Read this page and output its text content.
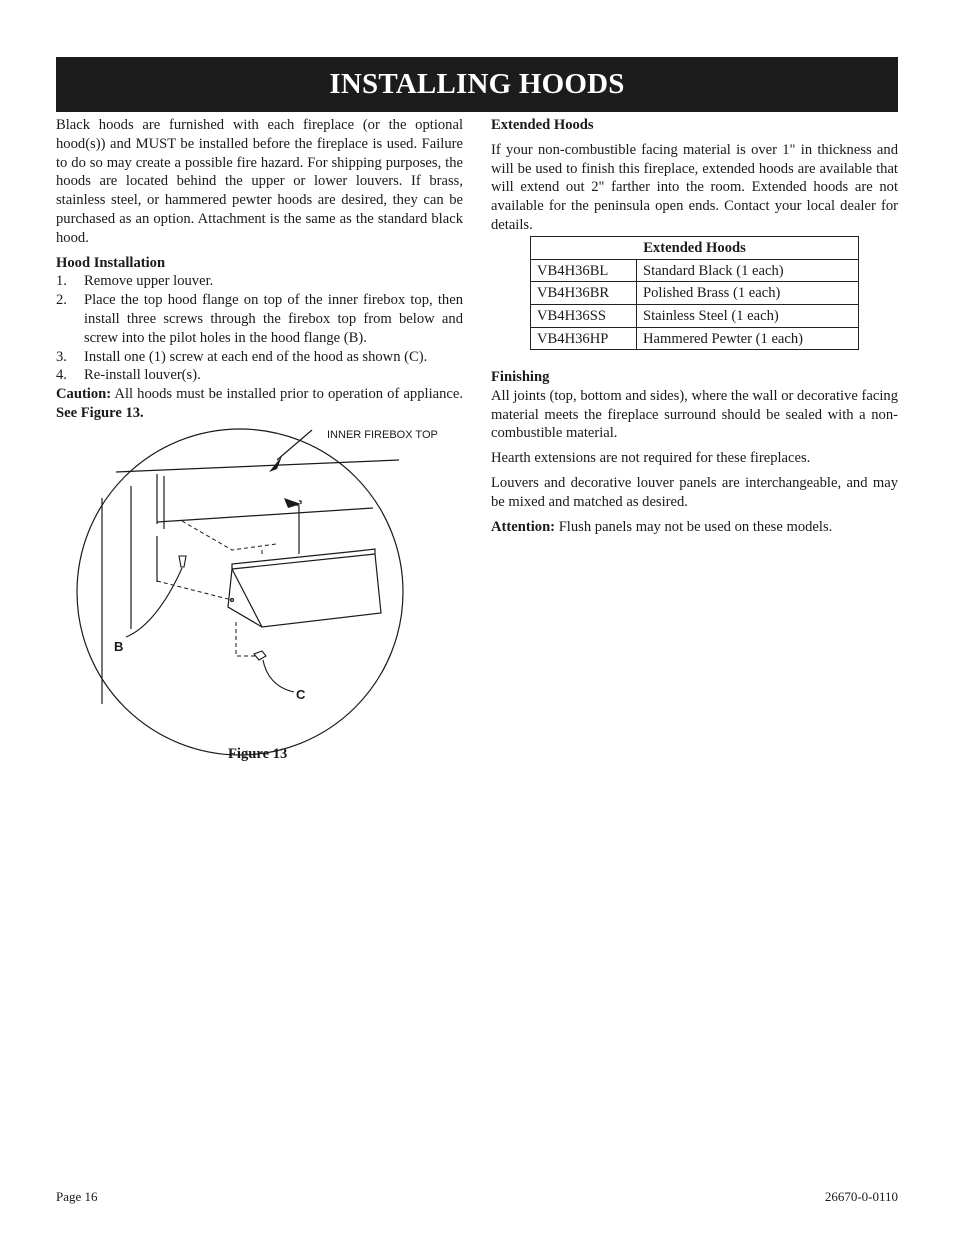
INSTALLING HOODS

Black hoods are furnished with each fireplace (or the optional hood(s)) and MUST be installed before the fireplace is used. Failure to do so may create a possible fire hazard. For shipping purposes, the hoods are located behind the upper or lower louvers. If brass, stainless steel, or hammered pewter hoods are desired, they can be purchased as an option. Attachment is the same as the standard black hood.

Hood Installation

1. Remove upper louver.
2. Place the top hood flange on top of the inner firebox top, then install three screws through the firebox top from below and screw into the pilot holes in the hood flange (B).
3. Install one (1) screw at each end of the hood as shown (C).
4. Re-install louver(s).

Caution: All hoods must be installed prior to operation of appliance. See Figure 13.

INNER FIREBOX TOP
B
C
Figure 13

Extended Hoods

If your non-combustible facing material is over 1" in thickness and will be used to finish this fireplace, extended hoods are available that will extend out 2" farther into the room. Extended hoods are not available for the peninsula open ends. Contact your local dealer for details.

Extended Hoods	
VB4H36BL	Standard Black (1 each)
VB4H36BR	Polished Brass (1 each)
VB4H36SS	Stainless Steel (1 each)
VB4H36HP	Hammered Pewter (1 each)

Finishing

All joints (top, bottom and sides), where the wall or decorative facing material meets the fireplace surround should be sealed with a non-combustible material.

Hearth extensions are not required for these fireplaces.

Louvers and decorative louver panels are interchangeable, and may be mixed and matched as desired.

Attention: Flush panels may not be used on these models.

Page 16	26670-0-0110
